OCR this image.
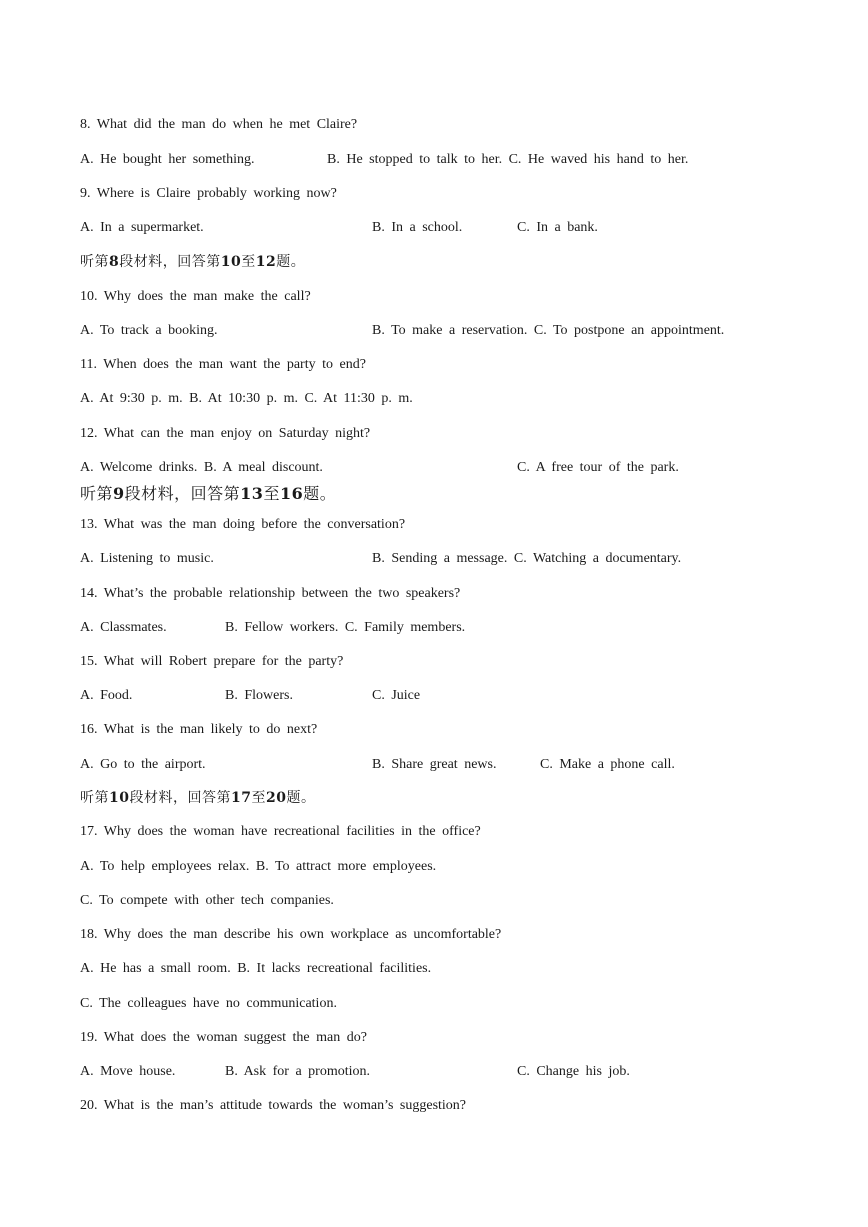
8. What did the man do when he met Claire?
A. He bought her something.	B. He stopped to talk to her. C. He waved his hand to her.
9. Where is Claire probably working now?
A. In a supermarket.	B. In a school.	C. In a bank.
听第8段材料，回答第10至12题。
10. Why does the man make the call?
A. To track a booking.	B. To make a reservation. C. To postpone an appointment.
11. When does the man want the party to end?
A. At 9:30 p. m. B. At 10:30 p. m. C. At 11:30 p. m.
12. What can the man enjoy on Saturday night?
A. Welcome drinks. B. A meal discount.	C. A free tour of the park.
听第9段材料，回答第13至16题。
13. What was the man doing before the conversation?
A. Listening to music.	B. Sending a message. C. Watching a documentary.
14. What’s the probable relationship between the two speakers?
A. Classmates.	B. Fellow workers. C. Family members.
15. What will Robert prepare for the party?
A. Food.	B. Flowers.	C. Juice
16. What is the man likely to do next?
A. Go to the airport.	B. Share great news.	C. Make a phone call.
听第10段材料，回答第17至20题。
17. Why does the woman have recreational facilities in the office?
A. To help employees relax. B. To attract more employees.
C. To compete with other tech companies.
18. Why does the man describe his own workplace as uncomfortable?
A. He has a small room. B. It lacks recreational facilities.
C. The colleagues have no communication.
19. What does the woman suggest the man do?
A. Move house.	B. Ask for a promotion.	C. Change his job.
20. What is the man’s attitude towards the woman’s suggestion?
